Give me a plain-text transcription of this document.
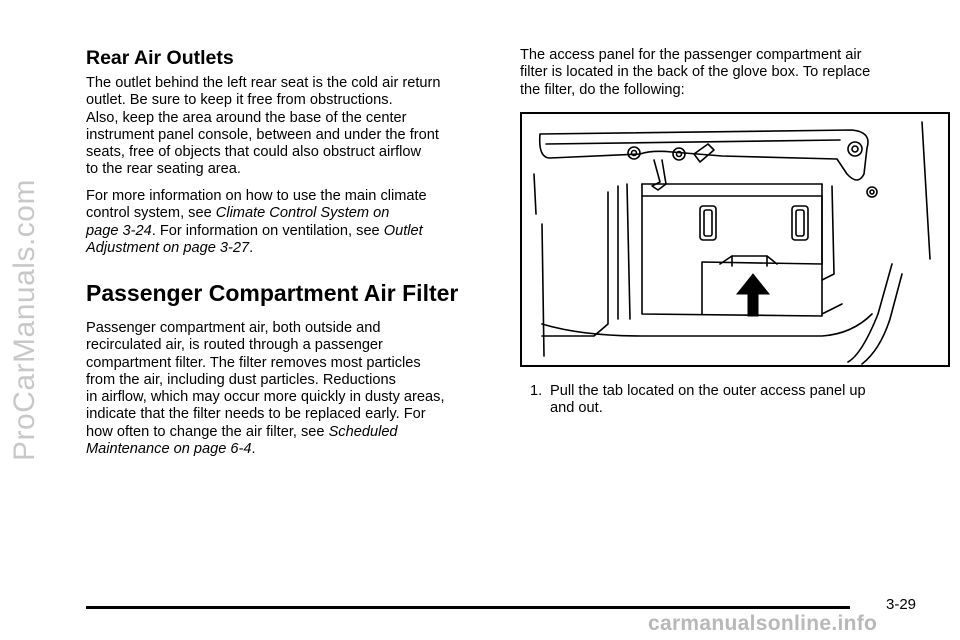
ProCarManuals.com
Rear Air Outlets
The outlet behind the left rear seat is the cold air return
outlet. Be sure to keep it free from obstructions.
Also, keep the area around the base of the center
instrument panel console, between and under the front
seats, free of objects that could also obstruct airflow
to the rear seating area.
For more information on how to use the main climate
control system, see Climate Control System on
page 3-24. For information on ventilation, see Outlet
Adjustment on page 3-27.
Passenger Compartment Air Filter
Passenger compartment air, both outside and
recirculated air, is routed through a passenger
compartment filter. The filter removes most particles
from the air, including dust particles. Reductions
in airflow, which may occur more quickly in dusty areas,
indicate that the filter needs to be replaced early. For
how often to change the air filter, see Scheduled
Maintenance on page 6-4.
The access panel for the passenger compartment air
filter is located in the back of the glove box. To replace
the filter, do the following:
1. Pull the tab located on the outer access panel up
and out.
3-29
carmanualsonline.info
